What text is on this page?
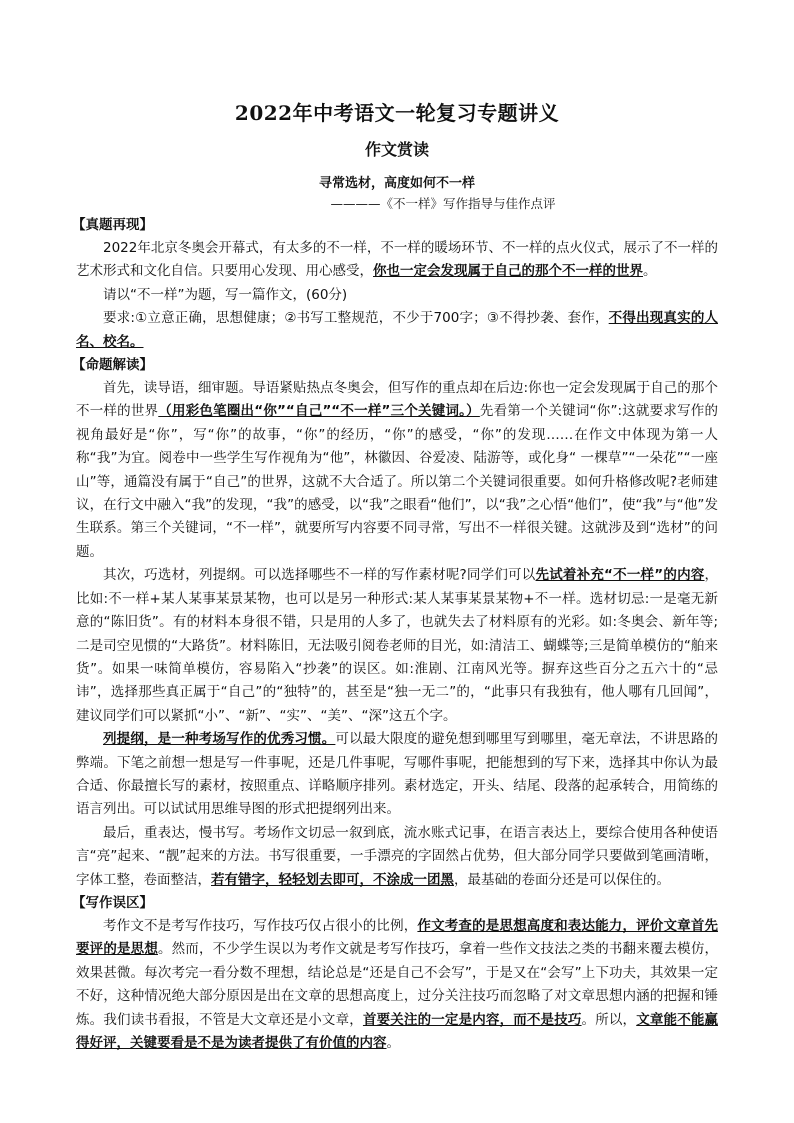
2022年中考语文一轮复习专题讲义
作文赏读
寻常选材，高度如何不一样
————《不一样》写作指导与佳作点评
【真题再现】

2022年北京冬奥会开幕式，有太多的不一样，不一样的暖场环节、不一样的点火仪式，展示了不一样的艺术形式和文化自信。只要用心发现、用心感受，你也一定会发现属于自己的那个不一样的世界。

请以“不一样”为题，写一篇作文，(60分)

要求:①立意正确，思想健康；②书写工整规范，不少于700字；③不得抄袭、套作，不得出现真实的人名、校名。

【命题解读】

首先，读导语，细审题。导语紧贴热点冬奥会，但写作的重点却在后边:你也一定会发现属于自己的那个不一样的世界（用彩色笔圈出“你”“自己”“不一样”三个关键词。）先看第一个关键词“你”:这就要求写作的视角最好是“你”，写“你”的故事，“你”的经历，“你”的感受，“你”的发现……在作文中体现为第一人称“我”为宜。阅卷中一些学生写作视角为“他”，林徽因、谷爱凌、陆游等，或化身“ 一棵草”“一朵花”“一座山”等，通篇没有属于“自己”的世界，这就不大合适了。所以第二个关键词很重要。如何升格修改呢?老师建议，在行文中融入“我”的发现，“我”的感受，以“我”之眼看“他们”，以“我”之心悟“他们”，使“我”与“他”发生联系。第三个关键词，“不一样”，就要所写内容要不同寻常，写出不一样很关键。这就涉及到“选材”的问题。

其次，巧选材，列提纲。可以选择哪些不一样的写作素材呢?同学们可以先试着补充“不一样”的内容，比如:不一样+某人某事某景某物，也可以是另一种形式:某人某事某景某物+不一样。选材切忌:一是毫无新意的“陈旧货”。有的材料本身很不错，只是用的人多了，也就失去了材料原有的光彩。如:冬奥会、新年等;二是司空见惯的“大路货”。材料陈旧，无法吸引阅卷老师的目光，如:清洁工、蝴蝶等;三是简单模仿的“舶来货”。如果一味简单模仿，容易陷入“抄袭”的误区。如:淮剧、江南风光等。摒弃这些百分之五六十的“忌讳”，选择那些真正属于“自己”的“独特”的，甚至是“独一无二”的，“此事只有我独有，他人哪有几回闻”，建议同学们可以紧抓“小”、“新”、“实”、“美”、“深”这五个字。

列提纲，是一种考场写作的优秀习惯。可以最大限度的避免想到哪里写到哪里，毫无章法，不讲思路的弊端。下笔之前想一想是写一件事呢，还是几件事呢，写哪件事呢，把能想到的写下来，选择其中你认为最合适、你最擅长写的素材，按照重点、详略顺序排列。素材选定，开头、结尾、段落的起承转合，用简练的语言列出。可以试试用思维导图的形式把提纲列出来。

最后，重表达，慢书写。考场作文切忌一叙到底，流水账式记事，在语言表达上，要综合使用各种使语言“亮”起来、“靓”起来的方法。书写很重要，一手漂亮的字固然占优势，但大部分同学只要做到笔画清晰，字体工整，卷面整洁，若有错字，轻轻划去即可，不涂成一团黑，最基础的卷面分还是可以保住的。

【写作误区】

考作文不是考写作技巧，写作技巧仅占很小的比例，作文考查的是思想高度和表达能力，评价文章首先要评的是思想。然而，不少学生误以为考作文就是考写作技巧，拿着一些作文技法之类的书翻来覆去模仿，效果甚微。每次考完一看分数不理想，结论总是“还是自己不会写”，于是又在“会写”上下功夫，其效果一定不好，这种情况绝大部分原因是出在文章的思想高度上，过分关注技巧而忽略了对文章思想内涵的把握和锤炼。我们读书看报，不管是大文章还是小文章，首要关注的一定是内容，而不是技巧。所以，文章能不能赢得好评，关键要看是不是为读者提供了有价值的内容。
